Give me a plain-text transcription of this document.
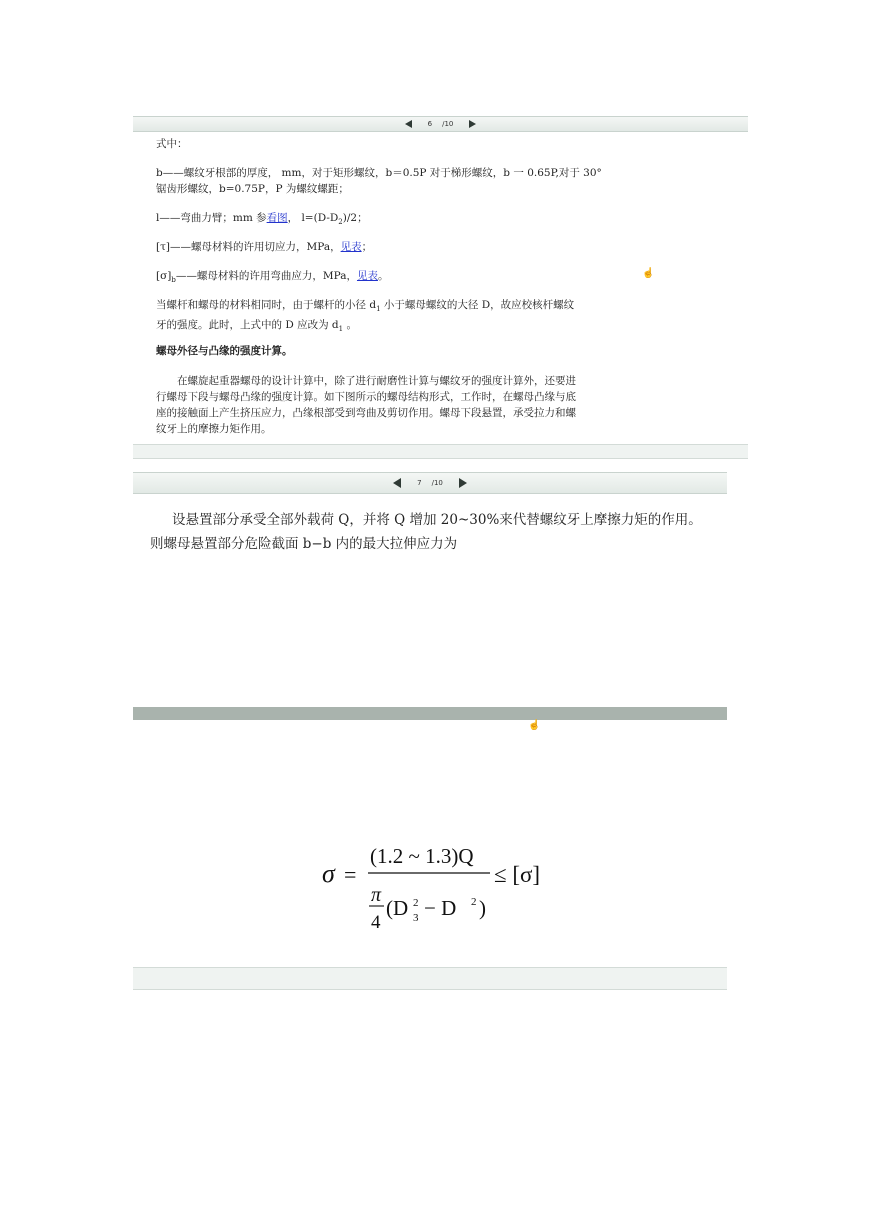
6 /10

式中：

b——螺纹牙根部的厚度， mm，对于矩形螺纹，b＝0.5P 对于梯形螺纹，b 一 0.65P,对于 30°
锯齿形螺纹，b=0.75P，P 为螺纹螺距；

l——弯曲力臂；mm 参看图， $l=(D-D_2)/2$；

[τ]——螺母材料的许用切应力，MPa，见表；

$[\sigma]_b——$螺母材料的许用弯曲应力，MPa，见表。	☝

当螺杆和螺母的材料相同时，由于螺杆的小径 $d_1$ 小于螺母螺纹的大径 D，故应校核杆螺纹
牙的强度。此时，上式中的 D 应改为 $d_1$ 。

螺母外径与凸缘的强度计算。

在螺旋起重器螺母的设计计算中，除了进行耐磨性计算与螺纹牙的强度计算外，还要进
行螺母下段与螺母凸缘的强度计算。如下图所示的螺母结构形式，工作时，在螺母凸缘与底
座的接触面上产生挤压应力，凸缘根部受到弯曲及剪切作用。螺母下段悬置，承受拉力和螺
纹牙上的摩擦力矩作用。

7 /10

设悬置部分承受全部外载荷 Q，并将 Q 增加 20~30%来代替螺纹牙上摩擦力矩的作用。
则螺母悬置部分危险截面 b−b 内的最大拉伸应力为

☝
σ =
(1.2 ~ 1.3)Q
π
4
(D 3
2 − D 2 )
≤ [σ]
